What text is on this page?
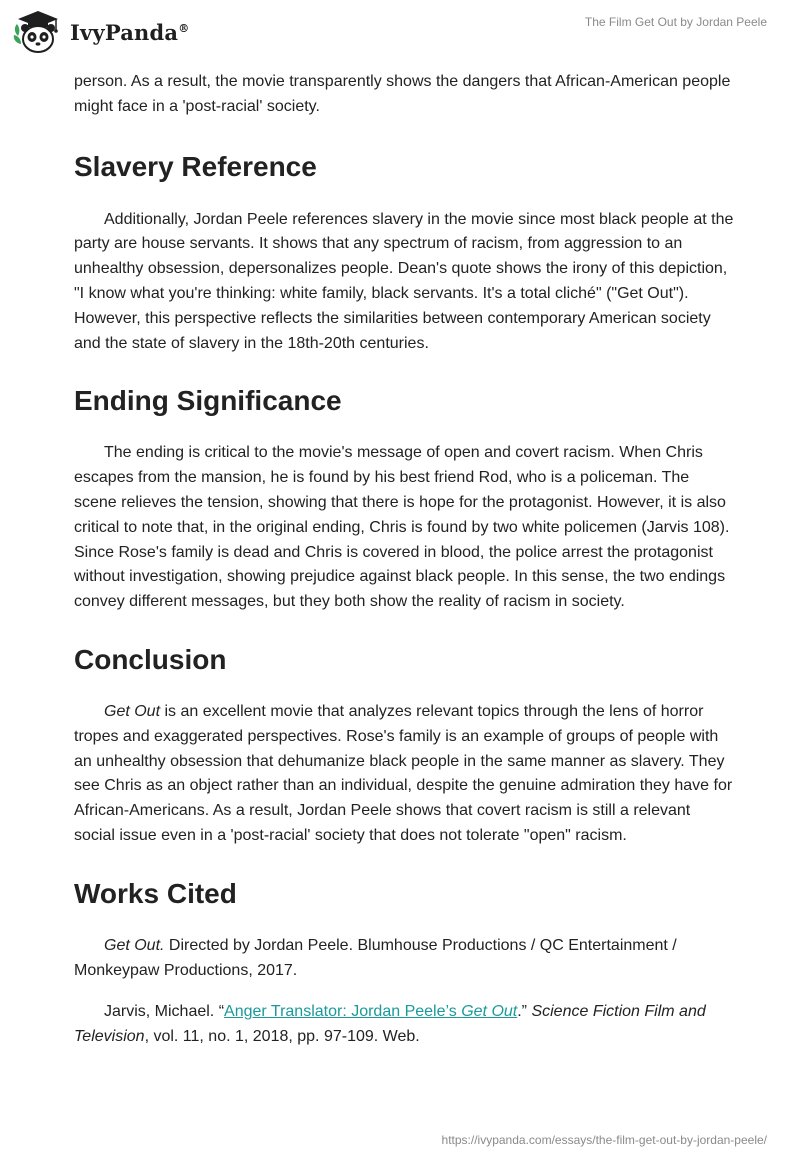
IvyPanda®	The Film Get Out by Jordan Peele

person. As a result, the movie transparently shows the dangers that African-American people might face in a 'post-racial' society.

Slavery Reference

Additionally, Jordan Peele references slavery in the movie since most black people at the party are house servants. It shows that any spectrum of racism, from aggression to an unhealthy obsession, depersonalizes people. Dean's quote shows the irony of this depiction, "I know what you're thinking: white family, black servants. It's a total cliché" ("Get Out"). However, this perspective reflects the similarities between contemporary American society and the state of slavery in the 18th-20th centuries.

Ending Significance

The ending is critical to the movie's message of open and covert racism. When Chris escapes from the mansion, he is found by his best friend Rod, who is a policeman. The scene relieves the tension, showing that there is hope for the protagonist. However, it is also critical to note that, in the original ending, Chris is found by two white policemen (Jarvis 108). Since Rose's family is dead and Chris is covered in blood, the police arrest the protagonist without investigation, showing prejudice against black people. In this sense, the two endings convey different messages, but they both show the reality of racism in society.

Conclusion

Get Out is an excellent movie that analyzes relevant topics through the lens of horror tropes and exaggerated perspectives. Rose's family is an example of groups of people with an unhealthy obsession that dehumanize black people in the same manner as slavery. They see Chris as an object rather than an individual, despite the genuine admiration they have for African-Americans. As a result, Jordan Peele shows that covert racism is still a relevant social issue even in a 'post-racial' society that does not tolerate "open" racism.

Works Cited

Get Out. Directed by Jordan Peele. Blumhouse Productions / QC Entertainment / Monkeypaw Productions, 2017.

Jarvis, Michael. “Anger Translator: Jordan Peele’s Get Out.” Science Fiction Film and Television, vol. 11, no. 1, 2018, pp. 97-109. Web.

https://ivypanda.com/essays/the-film-get-out-by-jordan-peele/
